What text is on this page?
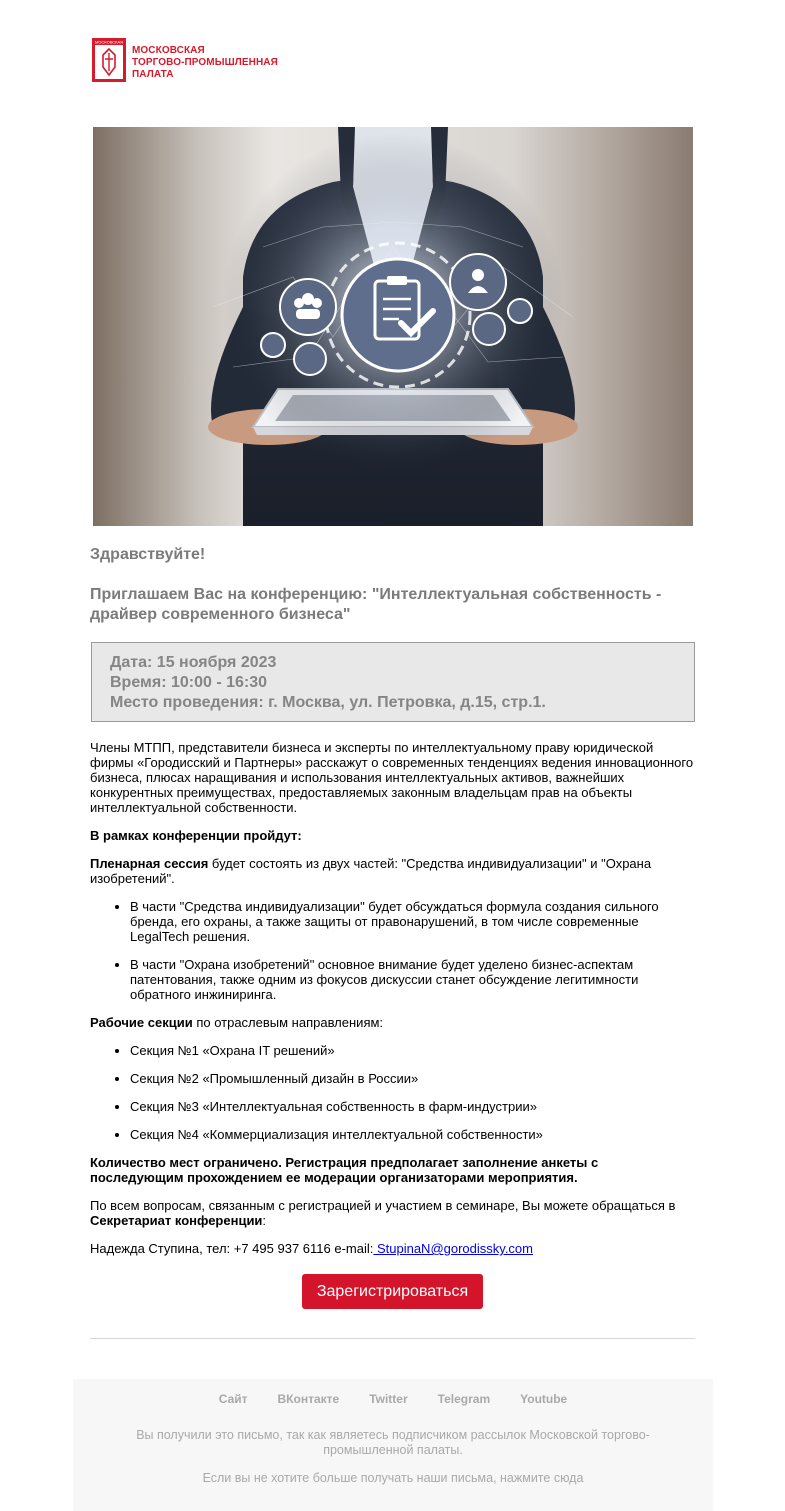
МОСКОВСКАЯ
МОСКОВСКАЯ
ТОРГОВО-ПРОМЫШЛЕННАЯ
ПАЛАТА
Здравствуйте!
Приглашаем Вас на конференцию: "Интеллектуальная собственность - драйвер современного бизнеса"
Дата: 15 ноября 2023
Время: 10:00 - 16:30
Место проведения: г. Москва, ул. Петровка, д.15, стр.1.

Члены МТПП, представители бизнеса и эксперты по интеллектуальному праву юридической фирмы «Городисский и Партнеры» расскажут о современных тенденциях ведения инновационного бизнеса, плюсах наращивания и использования интеллектуальных активов, важнейших конкурентных преимуществах, предоставляемых законным владельцам прав на объекты интеллектуальной собственности.

В рамках конференции пройдут:

Пленарная сессия будет состоять из двух частей: "Средства индивидуализации" и "Охрана изобретений".

• В части "Средства индивидуализации" будет обсуждаться формула создания сильного бренда, его охраны, а также защиты от правонарушений, в том числе современные LegalTech решения.
• В части "Охрана изобретений" основное внимание будет уделено бизнес-аспектам патентования, также одним из фокусов дискуссии станет обсуждение легитимности обратного инжиниринга.

Рабочие секции по отраслевым направлениям:

• Секция №1 «Охрана IT решений»
• Секция №2 «Промышленный дизайн в России»
• Секция №3 «Интеллектуальная собственность в фарм-индустрии»
• Секция №4 «Коммерциализация интеллектуальной собственности»

Количество мест ограничено. Регистрация предполагает заполнение анкеты с последующим прохождением ее модерации организаторами мероприятия.

По всем вопросам, связанным с регистрацией и участием в семинаре, Вы можете обращаться в Секретариат конференции:

Надежда Ступина, тел: +7 495 937 6116 e-mail: StupinaN@gorodissky.com

Зарегистрироваться
Сайт	ВКонтакте	Twitter	Telegram	Youtube
Вы получили это письмо, так как являетесь подписчиком рассылок Московской торгово-промышленной палаты.
Если вы не хотите больше получать наши письма, нажмите сюда
